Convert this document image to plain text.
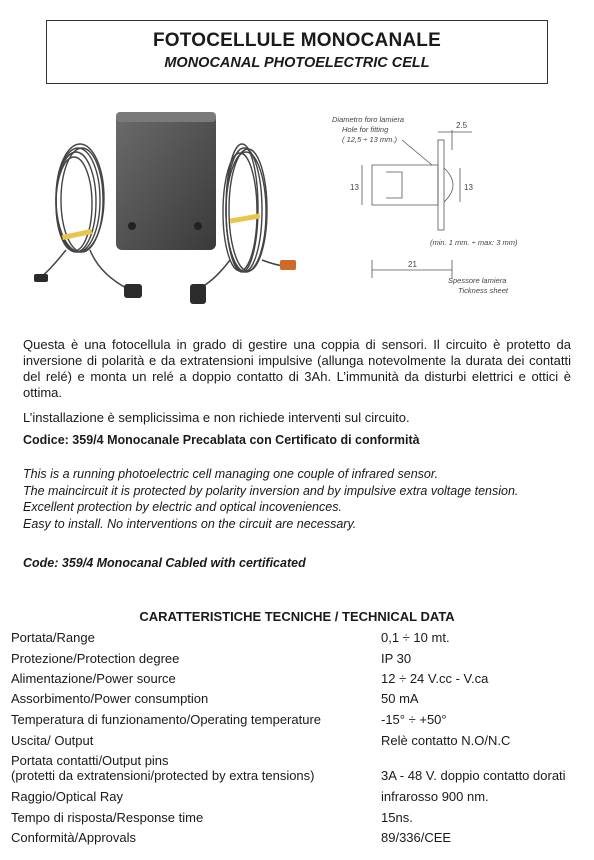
FOTOCELLULE MONOCANALE
MONOCANAL PHOTOELECTRIC CELL
Diametro foro lamiera
Hole for fitting
( 12,5 ÷ 13 mm.)
Spessore lamiera
Tickness sheet
(min. 1 mm. ÷ max: 3 mm)
2.5
13	13
21

Questa è una fotocellula in grado di gestire una coppia di sensori. Il circuito è protetto da inversione di polarità e da extratensioni impulsive (allunga notevolmente la durata dei contatti del relé) e monta un relé a doppio contatto di 3Ah. L’immunità da disturbi elettrici e ottici è ottima.

L’installazione è semplicissima e non richiede interventi sul circuito.

Codice: 359/4 Monocanale Precablata con Certificato di conformità

This is a running photoelectric cell managing one couple of infrared sensor.
The maincircuit it is protected by polarity inversion and by impulsive extra voltage tension.
Excellent protection by electric and optical incoveniences.
Easy to install. No interventions on the circuit are necessary.

Code: 359/4 Monocanal Cabled with certificated

CARATTERISTICHE TECNICHE / TECHNICAL DATA
Portata/Range	0,1 ÷ 10 mt.
Protezione/Protection degree	IP 30
Alimentazione/Power source	12 ÷ 24 V.cc - V.ca
Assorbimento/Power consumption	50 mA
Temperatura di funzionamento/Operating temperature	-15° ÷ +50°
Uscita/ Output	Relè contatto N.O/N.C
Portata contatti/Output pins
(protetti da extratensioni/protected by extra tensions)	3A - 48 V. doppio contatto dorati
Raggio/Optical Ray	infrarosso 900 nm.
Tempo di risposta/Response time	15ns.
Conformità/Approvals	89/336/CEE
